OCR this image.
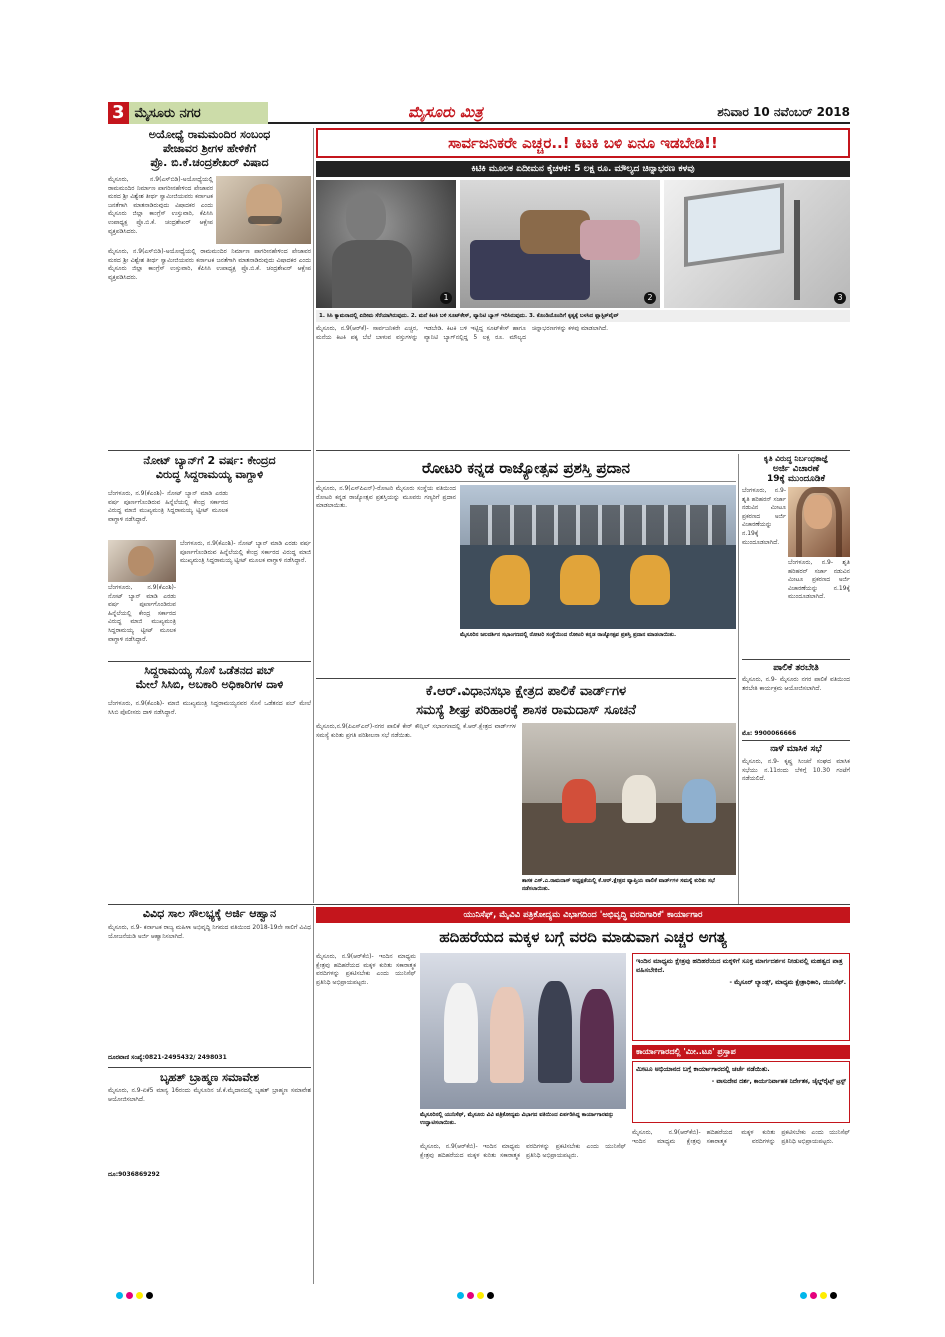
3 ಮೈಸೂರು ನಗರ	ಮೈಸೂರು ಮಿತ್ರ	ಶನಿವಾರ 10 ನವೆಂಬರ್ 2018
ಅಯೋಧ್ಯೆ ರಾಮಮಂದಿರ ಸಂಬಂಧ
ಪೇಜಾವರ ಶ್ರೀಗಳ ಹೇಳಿಕೆಗೆ
ಪ್ರೊ. ಬಿ.ಕೆ.ಚಂದ್ರಶೇಖರ್ ವಿಷಾದ
ಮೈಸೂರು, ನ.9(ಎಸ್‌ಬಿಡಿ)-ಅಯೋಧ್ಯೆಯಲ್ಲಿ ರಾಮಮಂದಿರ ನಿರ್ಮಾಣ ಪಾಗರೀನಹೇಳಿಂದ ಪೇಜಾವರ ಮಠದ ಶ್ರೀ ವಿಶ್ವೇಶ ತೀರ್ಥ ಸ್ವಾಮೀಜಿಯವರು ಕರ್ನಾಟಕ ಜನತೆಗಾಗಿ ಮಾತನಾಡಿರುವುದು ವಿಷಾದಕರ ಎಂದು ಮೈಸೂರು ಜಿಲ್ಲಾ ಕಾಂಗ್ರೆಸ್ ಉಸ್ತುವಾರಿ, ಕೆಪಿಸಿಸಿ ಉಪಾಧ್ಯಕ್ಷ ಪ್ರೊ.ಬಿ.ಕೆ. ಚಂದ್ರಶೇಖರ್ ಆಕ್ಷೇಪ ವ್ಯಕ್ತಪಡಿಸಿದರು.
ಮೈಸೂರು, ನ.9(ಎಸ್‌ಬಿಡಿ)-ಅಯೋಧ್ಯೆಯಲ್ಲಿ ರಾಮಮಂದಿರ ನಿರ್ಮಾಣ ಪಾಗರೀನಹೇಳಿಂದ ಪೇಜಾವರ ಮಠದ ಶ್ರೀ ವಿಶ್ವೇಶ ತೀರ್ಥ ಸ್ವಾಮೀಜಿಯವರು ಕರ್ನಾಟಕ ಜನತೆಗಾಗಿ ಮಾತನಾಡಿರುವುದು ವಿಷಾದಕರ ಎಂದು ಮೈಸೂರು ಜಿಲ್ಲಾ ಕಾಂಗ್ರೆಸ್ ಉಸ್ತುವಾರಿ, ಕೆಪಿಸಿಸಿ ಉಪಾಧ್ಯಕ್ಷ ಪ್ರೊ.ಬಿ.ಕೆ. ಚಂದ್ರಶೇಖರ್ ಆಕ್ಷೇಪ ವ್ಯಕ್ತಪಡಿಸಿದರು.
ನೋಟ್ ಬ್ಯಾನ್‌ಗೆ 2 ವರ್ಷ: ಕೇಂದ್ರದ
ವಿರುದ್ಧ ಸಿದ್ದರಾಮಯ್ಯ ವಾಗ್ದಾಳಿ
ಬೆಂಗಳೂರು, ನ.9(ಕೆಎಂಶಿ)- ನೋಟ್ ಬ್ಯಾನ್ ಮಾಡಿ ಎರಡು ವರ್ಷ ಪೂರ್ಣಗೊಂಡಿರುವ ಹಿನ್ನೆಲೆಯಲ್ಲಿ ಕೇಂದ್ರ ಸರ್ಕಾರದ ವಿರುದ್ಧ ಮಾಜಿ ಮುಖ್ಯಮಂತ್ರಿ ಸಿದ್ದರಾಮಯ್ಯ ಟ್ವೀಟ್ ಮೂಲಕ ವಾಗ್ದಾಳಿ ನಡೆಸಿದ್ದಾರೆ.
ಬೆಂಗಳೂರು, ನ.9(ಕೆಎಂಶಿ)- ನೋಟ್ ಬ್ಯಾನ್ ಮಾಡಿ ಎರಡು ವರ್ಷ ಪೂರ್ಣಗೊಂಡಿರುವ ಹಿನ್ನೆಲೆಯಲ್ಲಿ ಕೇಂದ್ರ ಸರ್ಕಾರದ ವಿರುದ್ಧ ಮಾಜಿ ಮುಖ್ಯಮಂತ್ರಿ ಸಿದ್ದರಾಮಯ್ಯ ಟ್ವೀಟ್ ಮೂಲಕ ವಾಗ್ದಾಳಿ ನಡೆಸಿದ್ದಾರೆ.
ಬೆಂಗಳೂರು, ನ.9(ಕೆಎಂಶಿ)- ನೋಟ್ ಬ್ಯಾನ್ ಮಾಡಿ ಎರಡು ವರ್ಷ ಪೂರ್ಣಗೊಂಡಿರುವ ಹಿನ್ನೆಲೆಯಲ್ಲಿ ಕೇಂದ್ರ ಸರ್ಕಾರದ ವಿರುದ್ಧ ಮಾಜಿ ಮುಖ್ಯಮಂತ್ರಿ ಸಿದ್ದರಾಮಯ್ಯ ಟ್ವೀಟ್ ಮೂಲಕ ವಾಗ್ದಾಳಿ ನಡೆಸಿದ್ದಾರೆ.
ಸಿದ್ದರಾಮಯ್ಯ ಸೊಸೆ ಒಡೆತನದ ಪಬ್
ಮೇಲೆ ಸಿಸಿಬಿ, ಅಬಕಾರಿ ಅಧಿಕಾರಿಗಳ ದಾಳಿ
ಬೆಂಗಳೂರು, ನ.9(ಕೆಎಂಶಿ)- ಮಾಜಿ ಮುಖ್ಯಮಂತ್ರಿ ಸಿದ್ದರಾಮಯ್ಯನವರ ಸೊಸೆ ಒಡೆತನದ ಪಬ್ ಮೇಲೆ ಸಿಸಿಬಿ ಪೊಲೀಸರು ದಾಳಿ ನಡೆಸಿದ್ದಾರೆ.
ಸಾರ್ವಜನಿಕರೇ ಎಚ್ಚರ..! ಕಿಟಕಿ ಬಳಿ ಏನೂ ಇಡಬೇಡಿ!!
ಕಿಟಿಕಿ ಮೂಲಕ ಏದೀಮನ ಕೈಚಳಕ: 5 ಲಕ್ಷ ರೂ. ಮೌಲ್ಯದ ಚಿನ್ನಾಭರಣ ಕಳವು
1	2	3
1. ಸಿಸಿ ಕ್ಯಾಮರಾದಲ್ಲಿ ಏದೀಮ ಸೆರೆಯಾಗಿರುವುದು. 2. ಮನೆ ಕಿಟಕಿ ಬಳಿ ಸೂಟ್‌ಕೇಸ್, ವ್ಯಾನಿಟಿ ಬ್ಯಾಗ್ ಇರಿಸಿರುವುದು. 3. ಕೊಂಡಿಯೊಂದಿಗೆ ಕೃತ್ಯಕ್ಕೆ ಬಳಸಿದ ಫ್ಲಾಸ್ಟಿಕ್‌ಪೈಪ್
ಮೈಸೂರು, ನ.9(ಆರ್‌ಕೆ)- ಸಾರ್ವಜನಿಕರೇ ಎಚ್ಚರ, ಮನೆಯ ಕಿಟಕಿ ಪಕ್ಕ ಬೆಲೆ ಬಾಳುವ ವಸ್ತುಗಳನ್ನು ಇಡಬೇಡಿ. ಕಿಟಕಿ ಬಳಿ ಇಟ್ಟಿದ್ದ ಸೂಟ್‌ಕೇಸ್ ಹಾಗೂ ವ್ಯಾನಿಟಿ ಬ್ಯಾಗ್‌ನಲ್ಲಿದ್ದ 5 ಲಕ್ಷ ರೂ. ಮೌಲ್ಯದ ಚಿನ್ನಾಭರಣಗಳನ್ನು ಕಳವು ಮಾಡಲಾಗಿದೆ.
ರೋಟರಿ ಕನ್ನಡ ರಾಜ್ಯೋತ್ಸವ ಪ್ರಶಸ್ತಿ ಪ್ರದಾನ
ಮೈಸೂರು, ನ.9(ಎಸ್‌ಪಿಎನ್)-ರೋಟರಿ ಮೈಸೂರು ಸಂಸ್ಥೆಯ ವತಿಯಿಂದ ರೋಟರಿ ಕನ್ನಡ ರಾಜ್ಯೋತ್ಸವ ಪ್ರಶಸ್ತಿಯನ್ನು ಮೂವರು ಗಣ್ಯರಿಗೆ ಪ್ರದಾನ ಮಾಡಲಾಯಿತು.
ಮೈಸೂರಿನ ಜಲದರ್ಶಿನ ಸಭಾಂಗಣದಲ್ಲಿ ರೋಟರಿ ಸಂಸ್ಥೆಯಿಂದ ರೋಟರಿ ಕನ್ನಡ ರಾಜ್ಯೋತ್ಸವ ಪ್ರಶಸ್ತಿ ಪ್ರದಾನ ಮಾಡಲಾಯಿತು.
ಕೃತಿ ವಿರುದ್ಧ ನಿರ್ಬಂಧಕಾಜ್ಞೆ
ಅರ್ಜಿ ವಿಚಾರಣೆ
19ಕ್ಕೆ ಮುಂದೂಡಿಕೆ
ಬೆಂಗಳೂರು, ನ.9- ಶೃತಿ ಹರಿಹರನ್ ಸರ್ಜಾ ನಡುವಿನ ಮೀಟೂ ಪ್ರಕರಣದ ಅರ್ಜಿ ವಿಚಾರಣೆಯನ್ನು ನ.19ಕ್ಕೆ ಮುಂದೂಡಲಾಗಿದೆ.
ಬೆಂಗಳೂರು, ನ.9- ಶೃತಿ ಹರಿಹರನ್ ಸರ್ಜಾ ನಡುವಿನ ಮೀಟೂ ಪ್ರಕರಣದ ಅರ್ಜಿ ವಿಚಾರಣೆಯನ್ನು ನ.19ಕ್ಕೆ ಮುಂದೂಡಲಾಗಿದೆ.
ಪಾಲಿಕೆ ತರಬೇತಿ
ಮೈಸೂರು, ನ.9- ಮೈಸೂರು ನಗರ ಪಾಲಿಕೆ ವತಿಯಿಂದ ತರಬೇತಿ ಕಾರ್ಯಕ್ರಮ ಆಯೋಜಿಸಲಾಗಿದೆ.
ಮೊ: 9900066666
ನಾಳೆ ಮಾಸಿಕ ಸಭೆ
ಮೈಸೂರು, ನ.9- ಕೃಷ್ಣ ಸಿಂಚನೆ ಸಂಘದ ಮಾಸಿಕ ಸಭೆಯು ನ.11ರಂದು ಬೆಳಿಗ್ಗೆ 10.30 ಗಂಟೆಗೆ ನಡೆಯಲಿದೆ.
ಕೆ.ಆರ್.ವಿಧಾನಸಭಾ ಕ್ಷೇತ್ರದ ಪಾಲಿಕೆ ವಾರ್ಡ್‌ಗಳ
ಸಮಸ್ಯೆ ಶೀಘ್ರ ಪರಿಹಾರಕ್ಕೆ ಶಾಸಕ ರಾಮದಾಸ್ ಸೂಚನೆ
ಮೈಸೂರು,ನ.9(ಪಿಎಸ್‌ಎನ್)-ನಗರ ಪಾಲಿಕೆ ಕೇರ್ ಕೌನ್ಸಿಲ್ ಸಭಾಂಗಣದಲ್ಲಿ ಕೆ.ಆರ್.ಕ್ಷೇತ್ರದ ವಾರ್ಡ್‌ಗಳ ಸಮಸ್ಯೆ ಕುರಿತು ಪ್ರಗತಿ ಪರಿಶೀಲನಾ ಸಭೆ ನಡೆಯಿತು.
ಶಾಸಕ ಎಸ್.ಎ.ರಾಮದಾಸ್ ಅಧ್ಯಕ್ಷತೆಯಲ್ಲಿ ಕೆ.ಆರ್.ಕ್ಷೇತ್ರದ ವ್ಯಾಪ್ತಿಯ ಪಾಲಿಕೆ ವಾರ್ಡ್‌ಗಳ ಸಮಸ್ಯೆ ಕುರಿತು ಸಭೆ ನಡೆಸಲಾಯಿತು.
ವಿವಿಧ ಸಾಲ ಸೌಲಭ್ಯಕ್ಕೆ ಅರ್ಜಿ ಆಹ್ವಾನ
ಮೈಸೂರು, ನ.9- ಕರ್ನಾಟಕ ರಾಜ್ಯ ಮಹಿಳಾ ಅಭಿವೃದ್ಧಿ ನಿಗಮದ ವತಿಯಿಂದ 2018-19ನೇ ಸಾಲಿಗೆ ವಿವಿಧ ಯೋಜನೆಯಡಿ ಅರ್ಜಿ ಆಹ್ವಾನಿಸಲಾಗಿದೆ.
ದೂರವಾಣಿ ಸಂಖ್ಯೆ:0821-2495432/ 2498031
ಬೃಹತ್ ಬ್ರಾಹ್ಮಣ ಸಮಾವೇಶ
ಮೈಸೂರು, ನ.9-ಏಕೆ5 ಮಾನ್ಯ 16ರಂದು ಮೈಸೂರಿನ ಜೆ.ಕೆ.ಮೈದಾನದಲ್ಲಿ ಬೃಹತ್ ಬ್ರಾಹ್ಮಣ ಸಮಾವೇಶ ಆಯೋಜಿಸಲಾಗಿದೆ.
ದೂ:9036869292
ಯುನಿಸೆಫ್, ಮೈವಿವಿ ಪತ್ರಿಕೋದ್ಯಮ ವಿಭಾಗದಿಂದ 'ಅಭಿವೃದ್ಧಿ ವರದಿಗಾರಿಕೆ' ಕಾರ್ಯಾಗಾರ
ಹದಿಹರೆಯದ ಮಕ್ಕಳ ಬಗ್ಗೆ ವರದಿ ಮಾಡುವಾಗ ಎಚ್ಚರ ಅಗತ್ಯ
ಮೈಸೂರು, ನ.9(ಆರ್‌ಕೆಬಿ)- ಇಂದಿನ ಮಾಧ್ಯಮ ಕ್ಷೇತ್ರವು ಹದಿಹರೆಯದ ಮಕ್ಕಳ ಕುರಿತು ಸಕಾರಾತ್ಮಕ ವರದಿಗಳನ್ನು ಪ್ರಕಟಿಸಬೇಕು ಎಂದು ಯುನಿಸೆಫ್ ಪ್ರತಿನಿಧಿ ಅಭಿಪ್ರಾಯಪಟ್ಟರು.
ಮೈಸೂರಿನಲ್ಲಿ ಯುನಿಸೆಫ್, ಮೈಸೂರು ವಿವಿ ಪತ್ರಿಕೋದ್ಯಮ ವಿಭಾಗದ ವತಿಯಿಂದ ಏರ್ಪಡಿಸಿದ್ದ ಕಾರ್ಯಾಗಾರವನ್ನು ಉದ್ಘಾಟಿಸಲಾಯಿತು.
ಮೈಸೂರು, ನ.9(ಆರ್‌ಕೆಬಿ)- ಇಂದಿನ ಮಾಧ್ಯಮ ಕ್ಷೇತ್ರವು ಹದಿಹರೆಯದ ಮಕ್ಕಳ ಕುರಿತು ಸಕಾರಾತ್ಮಕ ವರದಿಗಳನ್ನು ಪ್ರಕಟಿಸಬೇಕು ಎಂದು ಯುನಿಸೆಫ್ ಪ್ರತಿನಿಧಿ ಅಭಿಪ್ರಾಯಪಟ್ಟರು.
ಇಂದಿನ ಮಾಧ್ಯಮ ಕ್ಷೇತ್ರವು ಹದಿಹರೆಯದ ಮಕ್ಕಳಿಗೆ ಸೂಕ್ತ ಮಾರ್ಗದರ್ಶನ ನೀಡುವಲ್ಲಿ ಮಹತ್ವದ ಪಾತ್ರ ವಹಿಸಬೇಕಿದೆ.
- ಮೈಸೂರ್ ಲ್ಯಾಂಡ್ಸ್, ಮಾಧ್ಯಮ ಕ್ಷೇತ್ರಾಧಿಕಾರಿ, ಯುನಿಸೆಫ್.
ಕಾರ್ಯಾಗಾರದಲ್ಲಿ 'ಮೀ..ಟೂ' ಪ್ರಸ್ತಾಪ
ಮೀಟೂ ಅಭಿಯಾನದ ಬಗ್ಗೆ ಕಾರ್ಯಾಗಾರದಲ್ಲಿ ಚರ್ಚೆ ನಡೆಯಿತು.
- ವಾಸುದೇವ ದರ್ಶ, ಕಾರ್ಯನಿರ್ವಾಹಕ ನಿರ್ದೇಶಕ, ಚೈಲ್ಡ್‌ರೈಟ್ಸ್ ಟ್ರಸ್ಟ್
ಮೈಸೂರು, ನ.9(ಆರ್‌ಕೆಬಿ)- ಇಂದಿನ ಮಾಧ್ಯಮ ಕ್ಷೇತ್ರವು ಹದಿಹರೆಯದ ಮಕ್ಕಳ ಕುರಿತು ಸಕಾರಾತ್ಮಕ ವರದಿಗಳನ್ನು ಪ್ರಕಟಿಸಬೇಕು ಎಂದು ಯುನಿಸೆಫ್ ಪ್ರತಿನಿಧಿ ಅಭಿಪ್ರಾಯಪಟ್ಟರು.
